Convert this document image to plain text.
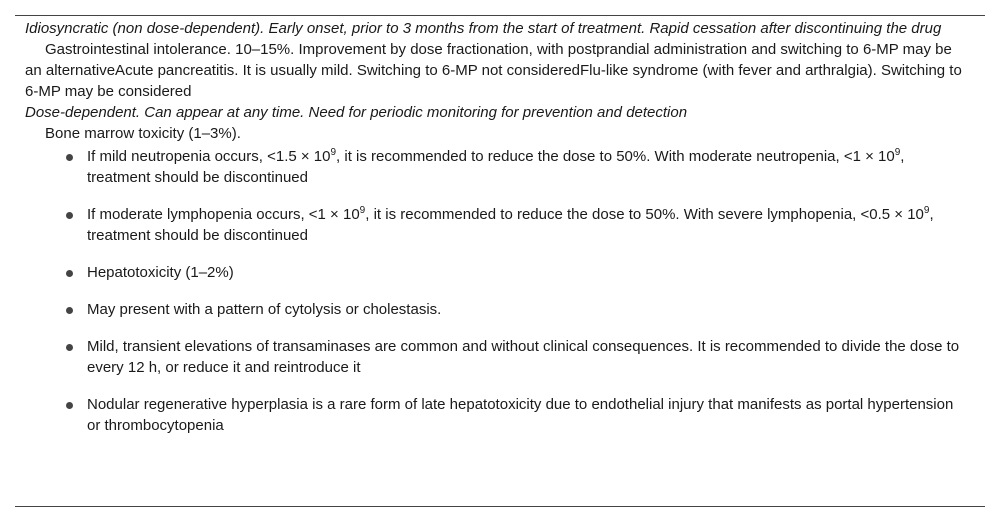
Idiosyncratic (non dose-dependent). Early onset, prior to 3 months from the start of treatment. Rapid cessation after discontinuing the drug

Gastrointestinal intolerance. 10–15%. Improvement by dose fractionation, with postprandial administration and switching to 6-MP may be an alternativeAcute pancreatitis. It is usually mild. Switching to 6-MP not consideredFlu-like syndrome (with fever and arthralgia). Switching to 6-MP may be considered

Dose-dependent. Can appear at any time. Need for periodic monitoring for prevention and detection

Bone marrow toxicity (1–3%).

If mild neutropenia occurs, $<1.5 \times 10^9$, it is recommended to reduce the dose to 50%. With moderate neutropenia, $<1 \times 10^9$, treatment should be discontinued
If moderate lymphopenia occurs, $<1 \times 10^9$, it is recommended to reduce the dose to 50%. With severe lymphopenia, $<0.5 \times 10^9$, treatment should be discontinued
Hepatotoxicity (1–2%)
May present with a pattern of cytolysis or cholestasis.
Mild, transient elevations of transaminases are common and without clinical consequences. It is recommended to divide the dose to every 12 h, or reduce it and reintroduce it
Nodular regenerative hyperplasia is a rare form of late hepatotoxicity due to endothelial injury that manifests as portal hypertension or thrombocytopenia
